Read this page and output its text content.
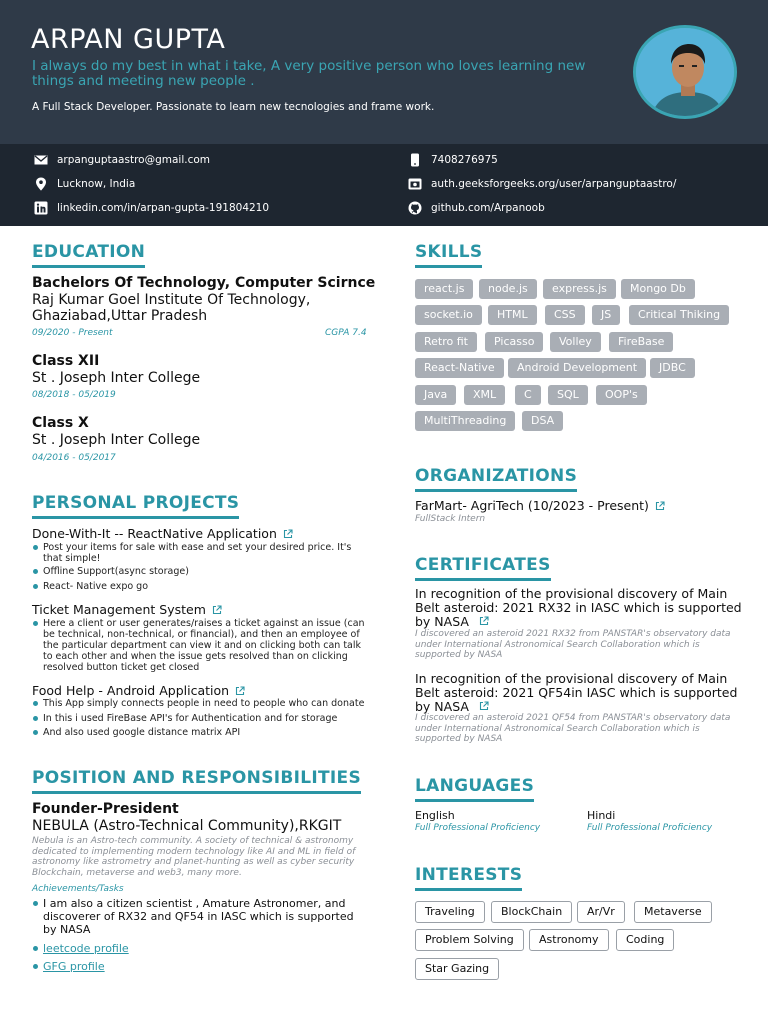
ARPAN GUPTA
I always do my best in what i take, A very positive person who loves learning new things and meeting new people .
A Full Stack Developer. Passionate to learn new tecnologies and frame work.
arpanguptaastro@gmail.com	7408276975
Lucknow, India	auth.geeksforgeeks.org/user/arpanguptaastro/
linkedin.com/in/arpan-gupta-191804210	github.com/Arpanoob
EDUCATION
Bachelors Of Technology, Computer Scirnce
Raj Kumar Goel Institute Of Technology, Ghaziabad,Uttar Pradesh
09/2020 - Present	CGPA 7.4
Class XII
St . Joseph Inter College
08/2018 - 05/2019
Class X
St . Joseph Inter College
04/2016 - 05/2017
PERSONAL PROJECTS
Done-With-It -- ReactNative Application
Post your items for sale with ease and set your desired price. It's that simple!
Offline Support(async storage)
React- Native expo go
Ticket Management System
Here a client or user generates/raises a ticket against an issue (can be technical, non-technical, or financial), and then an employee of the particular department can view it and on clicking both can talk to each other and when the issue gets resolved than on clicking resolved button ticket get closed
Food Help - Android Application
This App simply connects people in need to people who can donate
In this i used FireBase API's for Authentication and for storage
And also used google distance matrix API
POSITION AND RESPONSIBILITIES
Founder-President
NEBULA (Astro-Technical Community),RKGIT
Nebula is an Astro-tech community. A society of technical & astronomy dedicated to implementing modern technology like AI and ML in field of astronomy like astrometry and planet-hunting as well as cyber security Blockchain, metaverse and web3, many more.
Achievements/Tasks
I am also a citizen scientist , Amature Astronomer, and discoverer of RX32 and QF54 in IASC which is supported by NASA
leetcode profile
GFG profile
SKILLS
react.js	node.js	express.js	Mongo Db
socket.io	HTML	CSS	JS	Critical Thiking
Retro fit	Picasso	Volley	FireBase
React-Native	Android Development	JDBC
Java	XML	C	SQL	OOP's
MultiThreading	DSA
ORGANIZATIONS
FarMart- AgriTech (10/2023 - Present)
FullStack Intern
CERTIFICATES
In recognition of the provisional discovery of Main Belt asteroid: 2021 RX32 in IASC which is supported by NASA
I discovered an asteroid 2021 RX32 from PANSTAR's observatory data under International Astronomical Search Collaboration which is supported by NASA
In recognition of the provisional discovery of Main Belt asteroid: 2021 QF54in IASC which is supported by NASA
I discovered an asteroid 2021 QF54 from PANSTAR's observatory data under International Astronomical Search Collaboration which is supported by NASA
LANGUAGES
English
Full Professional Proficiency
Hindi
Full Professional Proficiency
INTERESTS
Traveling	BlockChain	Ar/Vr	Metaverse
Problem Solving	Astronomy	Coding
Star Gazing
